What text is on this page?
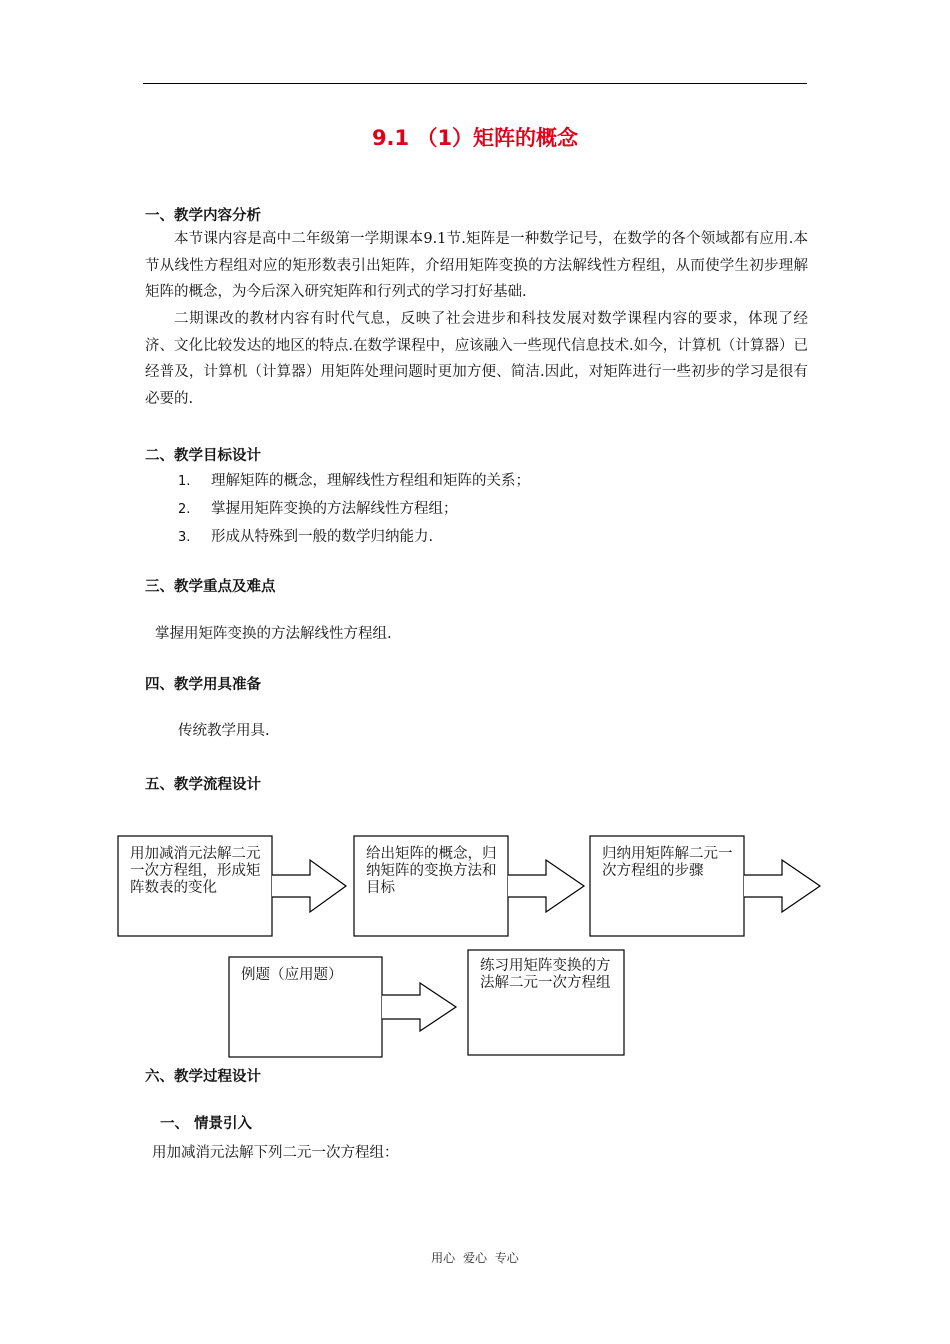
9.1 （1）矩阵的概念
一、教学内容分析

本节课内容是高中二年级第一学期课本9.1节.矩阵是一种数学记号，在数学的各个领域都有应用.本节从线性方程组对应的矩形数表引出矩阵，介绍用矩阵变换的方法解线性方程组，从而使学生初步理解矩阵的概念，为今后深入研究矩阵和行列式的学习打好基础.

二期课改的教材内容有时代气息，反映了社会进步和科技发展对数学课程内容的要求，体现了经济、文化比较发达的地区的特点.在数学课程中，应该融入一些现代信息技术.如今，计算机（计算器）已经普及，计算机（计算器）用矩阵处理问题时更加方便、简洁.因此，对矩阵进行一些初步的学习是很有必要的.

二、教学目标设计
1. 理解矩阵的概念，理解线性方程组和矩阵的关系；
2. 掌握用矩阵变换的方法解线性方程组；
3. 形成从特殊到一般的数学归纳能力.
三、教学重点及难点
掌握用矩阵变换的方法解线性方程组.
四、教学用具准备
传统教学用具.
五、教学流程设计
用加减消元法解二元一次方程组，形成矩阵数表的变化
给出矩阵的概念，归纳矩阵的变换方法和目标
归纳用矩阵解二元一次方程组的步骤
例题（应用题）
练习用矩阵变换的方法解二元一次方程组
六、教学过程设计
一、 情景引入
用加减消元法解下列二元一次方程组：
用心 爱心 专心
